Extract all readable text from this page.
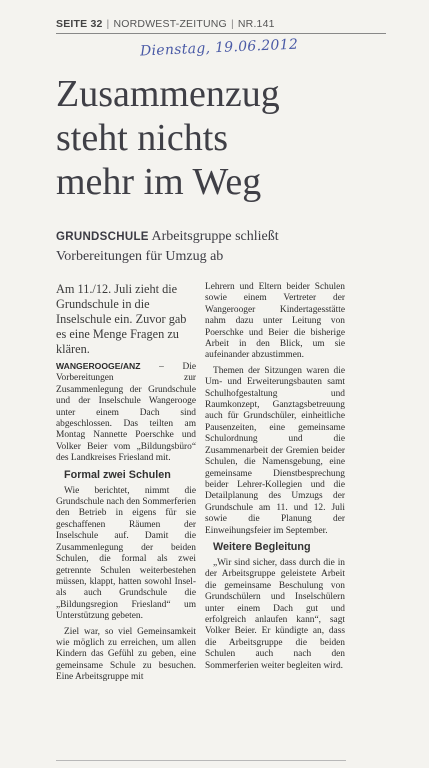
SEITE 32 | NORDWEST-ZEITUNG | NR.141
Dienstag, 19.06.2012
Zusammenzug
steht nichts
mehr im Weg
GRUNDSCHULE Arbeitsgruppe schließt
Vorbereitungen für Umzug ab

Am 11./12. Juli zieht die Grundschule in die Inselschule ein. Zuvor gab es eine Menge Fragen zu klären.

WANGEROOGE/ANZ – Die Vorbereitungen zur Zusammenlegung der Grundschule und der Inselschule Wangerooge unter einem Dach sind abgeschlossen. Das teilten am Montag Nannette Poerschke und Volker Beier vom „Bildungsbüro“ des Landkreises Friesland mit.

Formal zwei Schulen

Wie berichtet, nimmt die Grundschule nach den Sommerferien den Betrieb in eigens für sie geschaffenen Räumen der Inselschule auf. Damit die Zusammenlegung der beiden Schulen, die formal als zwei getrennte Schulen weiterbestehen müssen, klappt, hatten sowohl Insel- als auch Grundschule die „Bildungsregion Friesland“ um Unterstützung gebeten.

Ziel war, so viel Gemeinsamkeit wie möglich zu erreichen, um allen Kindern das Gefühl zu geben, eine gemeinsame Schule zu besuchen. Eine Arbeitsgruppe mit

Lehrern und Eltern beider Schulen sowie einem Vertreter der Wangerooger Kindertagesstätte nahm dazu unter Leitung von Poerschke und Beier die bisherige Arbeit in den Blick, um sie aufeinander abzustimmen.

Themen der Sitzungen waren die Um- und Erweiterungsbauten samt Schulhofgestaltung und Raumkonzept, Ganztagsbetreuung auch für Grundschüler, einheitliche Pausenzeiten, eine gemeinsame Schulordnung und die Zusammenarbeit der Gremien beider Schulen, die Namensgebung, eine gemeinsame Dienstbesprechung beider Lehrer-Kollegien und die Detailplanung des Umzugs der Grundschule am 11. und 12. Juli sowie die Planung der Einweihungsfeier im September.

Weitere Begleitung

„Wir sind sicher, dass durch die in der Arbeitsgruppe geleistete Arbeit die gemeinsame Beschulung von Grundschülern und Inselschülern unter einem Dach gut und erfolgreich anlaufen kann“, sagt Volker Beier. Er kündigte an, dass die Arbeitsgruppe die beiden Schulen auch nach den Sommerferien weiter begleiten wird.
